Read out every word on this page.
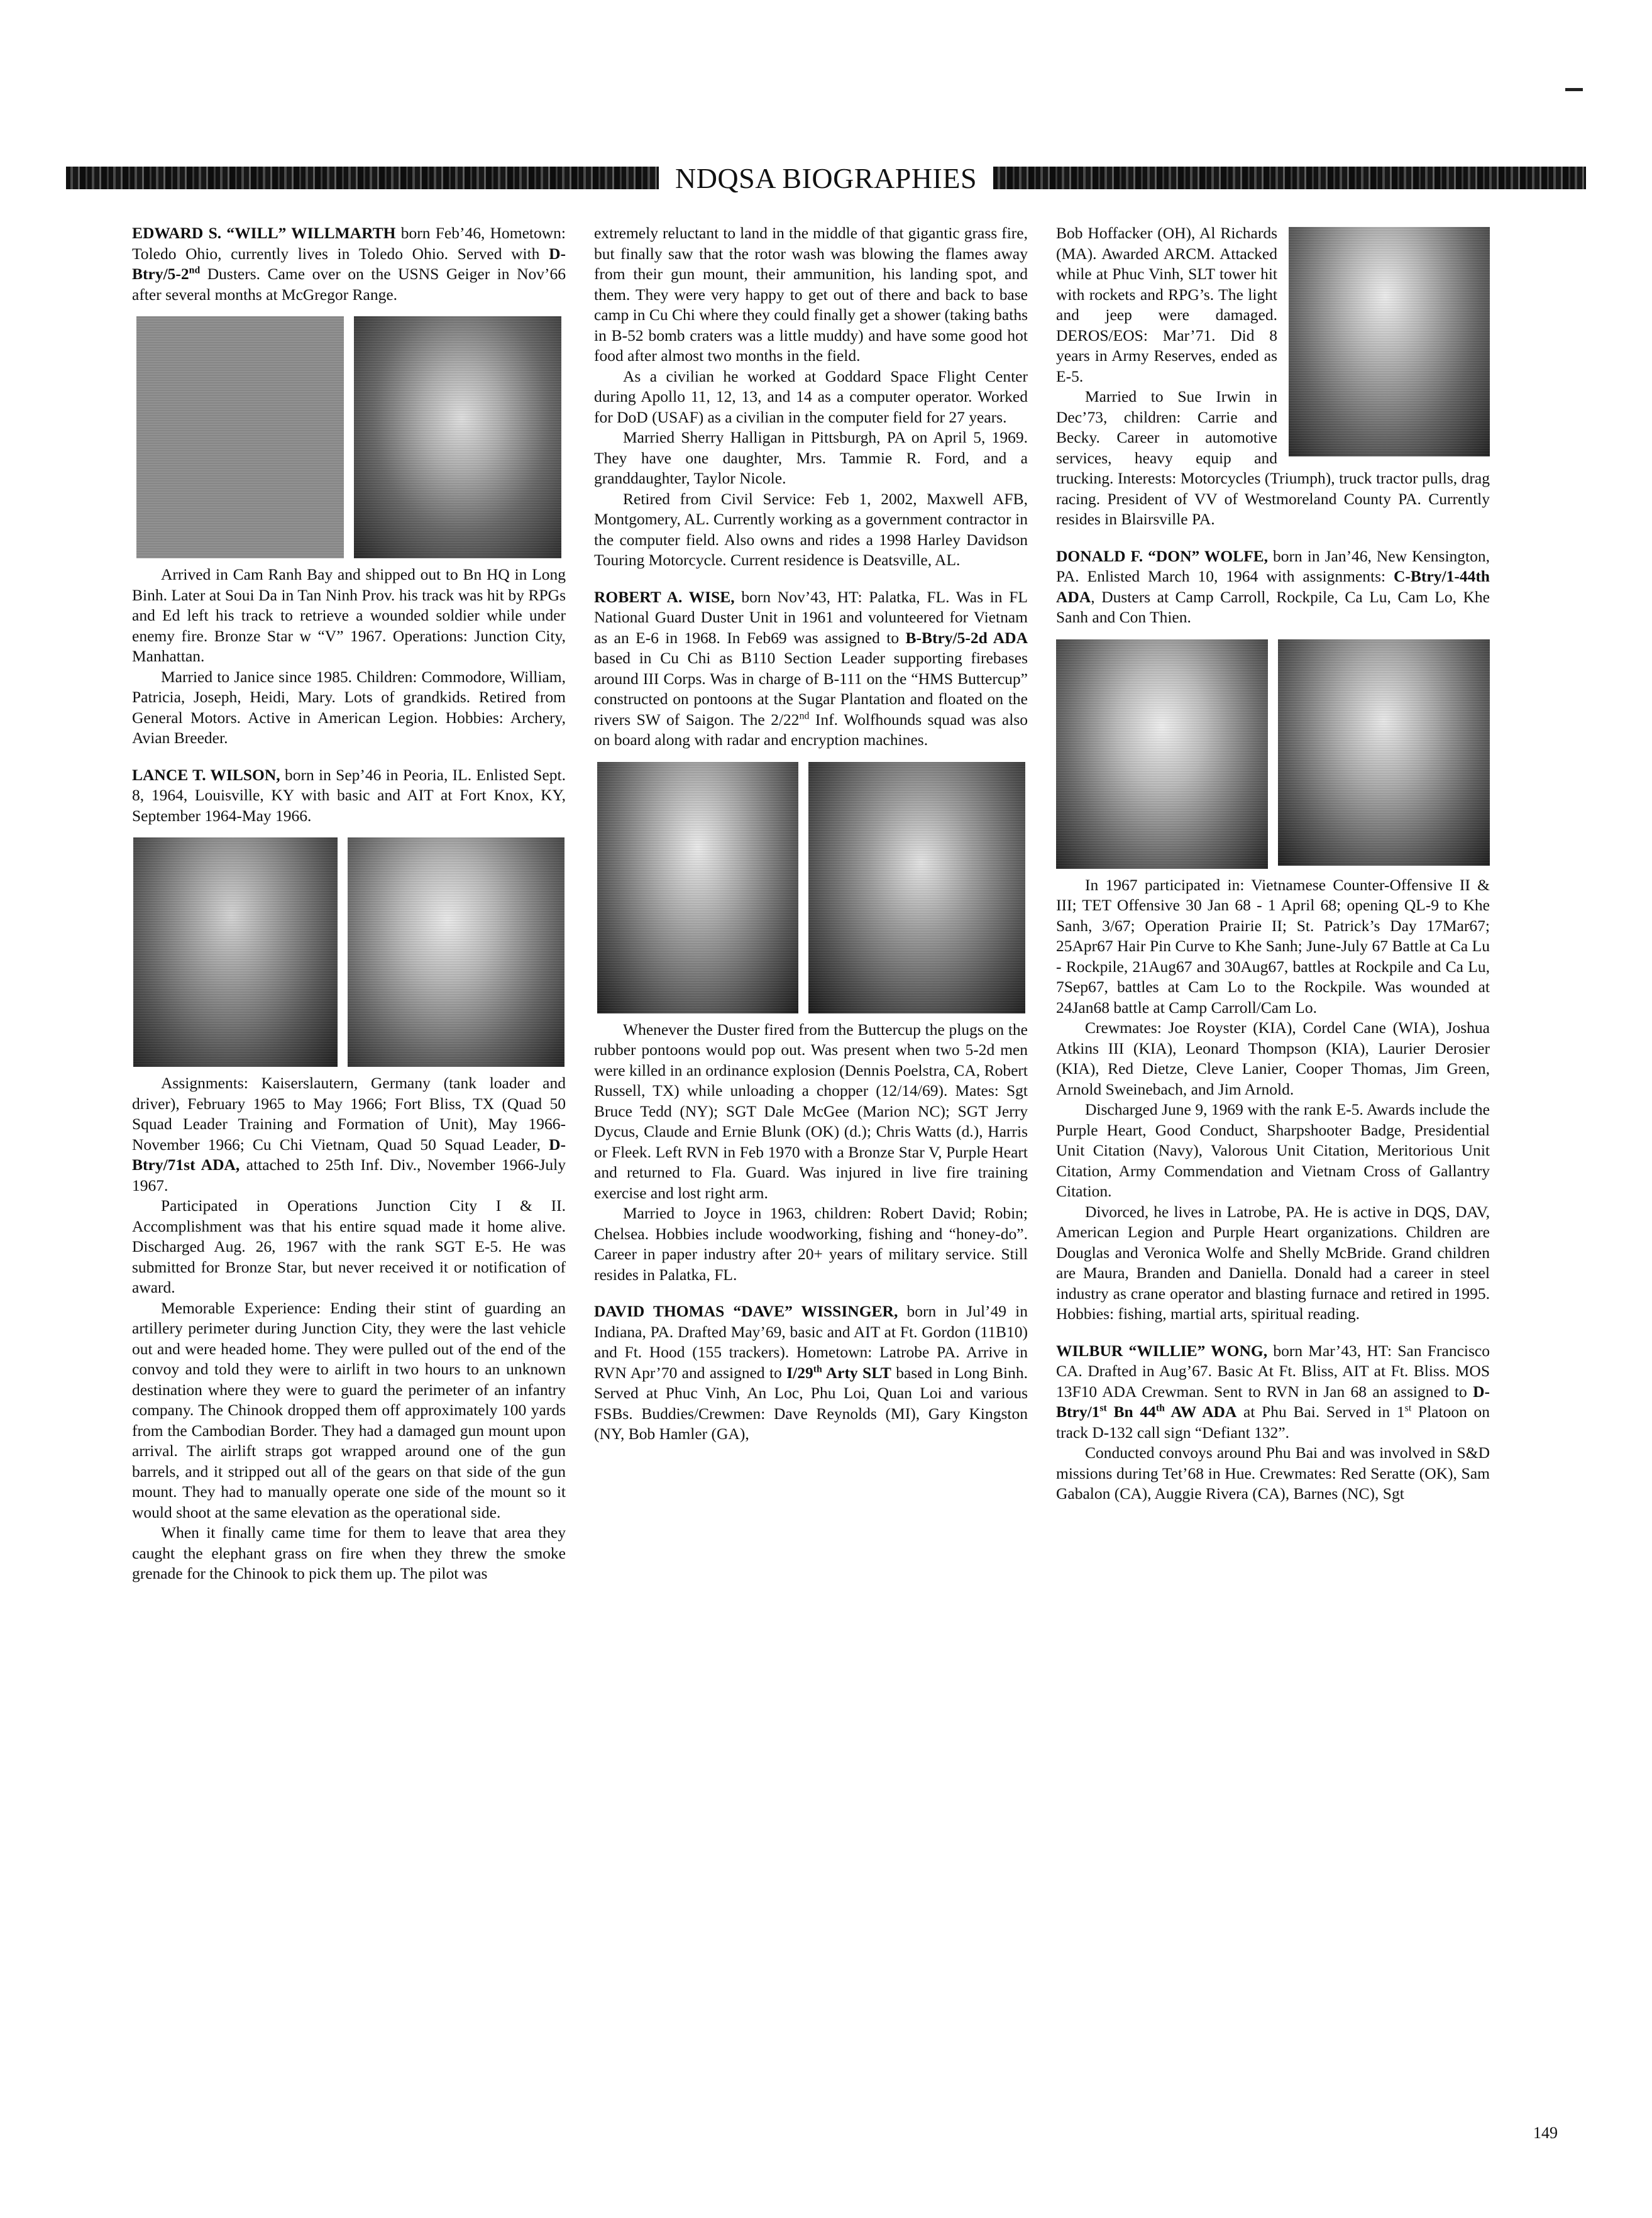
NDQSA BIOGRAPHIES

EDWARD S. “WILL” WILLMARTH born Feb’46, Hometown: Toledo Ohio, currently lives in Toledo Ohio. Served with D-Btry/5-2nd Dusters. Came over on the USNS Geiger in Nov’66 after several months at McGregor Range.

Arrived in Cam Ranh Bay and shipped out to Bn HQ in Long Binh. Later at Soui Da in Tan Ninh Prov. his track was hit by RPGs and Ed left his track to retrieve a wounded soldier while under enemy fire. Bronze Star w “V” 1967. Operations: Junction City, Manhattan.

Married to Janice since 1985. Children: Commodore, William, Patricia, Joseph, Heidi, Mary. Lots of grandkids. Retired from General Motors. Active in American Legion. Hobbies: Archery, Avian Breeder.

LANCE T. WILSON, born in Sep’46 in Peoria, IL. Enlisted Sept. 8, 1964, Louisville, KY with basic and AIT at Fort Knox, KY, September 1964-May 1966.

Assignments: Kaiserslautern, Germany (tank loader and driver), February 1965 to May 1966; Fort Bliss, TX (Quad 50 Squad Leader Training and Formation of Unit), May 1966-November 1966; Cu Chi Vietnam, Quad 50 Squad Leader, D-Btry/71st ADA, attached to 25th Inf. Div., November 1966-July 1967.

Participated in Operations Junction City I & II. Accomplishment was that his entire squad made it home alive. Discharged Aug. 26, 1967 with the rank SGT E-5. He was submitted for Bronze Star, but never received it or notification of award.

Memorable Experience: Ending their stint of guarding an artillery perimeter during Junction City, they were the last vehicle out and were headed home. They were pulled out of the end of the convoy and told they were to airlift in two hours to an unknown destination where they were to guard the perimeter of an infantry company. The Chinook dropped them off approximately 100 yards from the Cambodian Border. They had a damaged gun mount upon arrival. The airlift straps got wrapped around one of the gun barrels, and it stripped out all of the gears on that side of the gun mount. They had to manually operate one side of the mount so it would shoot at the same elevation as the operational side.

When it finally came time for them to leave that area they caught the elephant grass on fire when they threw the smoke grenade for the Chinook to pick them up. The pilot was

extremely reluctant to land in the middle of that gigantic grass fire, but finally saw that the rotor wash was blowing the flames away from their gun mount, their ammunition, his landing spot, and them. They were very happy to get out of there and back to base camp in Cu Chi where they could finally get a shower (taking baths in B-52 bomb craters was a little muddy) and have some good hot food after almost two months in the field.

As a civilian he worked at Goddard Space Flight Center during Apollo 11, 12, 13, and 14 as a computer operator. Worked for DoD (USAF) as a civilian in the computer field for 27 years.

Married Sherry Halligan in Pittsburgh, PA on April 5, 1969. They have one daughter, Mrs. Tammie R. Ford, and a granddaughter, Taylor Nicole.

Retired from Civil Service: Feb 1, 2002, Maxwell AFB, Montgomery, AL. Currently working as a government contractor in the computer field. Also owns and rides a 1998 Harley Davidson Touring Motorcycle. Current residence is Deatsville, AL.

ROBERT A. WISE, born Nov’43, HT: Palatka, FL. Was in FL National Guard Duster Unit in 1961 and volunteered for Vietnam as an E-6 in 1968. In Feb69 was assigned to B-Btry/5-2d ADA based in Cu Chi as B110 Section Leader supporting firebases around III Corps. Was in charge of B-111 on the “HMS Buttercup” constructed on pontoons at the Sugar Plantation and floated on the rivers SW of Saigon. The 2/22nd Inf. Wolfhounds squad was also on board along with radar and encryption machines.

Whenever the Duster fired from the Buttercup the plugs on the rubber pontoons would pop out. Was present when two 5-2d men were killed in an ordinance explosion (Dennis Poelstra, CA, Robert Russell, TX) while unloading a chopper (12/14/69). Mates: Sgt Bruce Tedd (NY); SGT Dale McGee (Marion NC); SGT Jerry Dycus, Claude and Ernie Blunk (OK) (d.); Chris Watts (d.), Harris or Fleek. Left RVN in Feb 1970 with a Bronze Star V, Purple Heart and returned to Fla. Guard. Was injured in live fire training exercise and lost right arm.

Married to Joyce in 1963, children: Robert David; Robin; Chelsea. Hobbies include woodworking, fishing and “honey-do”. Career in paper industry after 20+ years of military service. Still resides in Palatka, FL.

DAVID THOMAS “DAVE” WISSINGER, born in Jul’49 in Indiana, PA. Drafted May’69, basic and AIT at Ft. Gordon (11B10) and Ft. Hood (155 trackers). Hometown: Latrobe PA. Arrive in RVN Apr’70 and assigned to I/29th Arty SLT based in Long Binh. Served at Phuc Vinh, An Loc, Phu Loi, Quan Loi and various FSBs. Buddies/Crewmen: Dave Reynolds (MI), Gary Kingston (NY, Bob Hamler (GA),

Bob Hoffacker (OH), Al Richards (MA). Awarded ARCM. Attacked while at Phuc Vinh, SLT tower hit with rockets and RPG’s. The light and jeep were damaged. DEROS/EOS: Mar’71. Did 8 years in Army Reserves, ended as E-5.

Married to Sue Irwin in Dec’73, children: Carrie and Becky. Career in automotive services, heavy equip and trucking. Interests: Motorcycles (Triumph), truck tractor pulls, drag racing. President of VV of Westmoreland County PA. Currently resides in Blairsville PA.

DONALD F. “DON” WOLFE, born in Jan’46, New Kensington, PA. Enlisted March 10, 1964 with assignments: C-Btry/1-44th ADA, Dusters at Camp Carroll, Rockpile, Ca Lu, Cam Lo, Khe Sanh and Con Thien.

In 1967 participated in: Vietnamese Counter-Offensive II & III; TET Offensive 30 Jan 68 - 1 April 68; opening QL-9 to Khe Sanh, 3/67; Operation Prairie II; St. Patrick’s Day 17Mar67; 25Apr67 Hair Pin Curve to Khe Sanh; June-July 67 Battle at Ca Lu - Rockpile, 21Aug67 and 30Aug67, battles at Rockpile and Ca Lu, 7Sep67, battles at Cam Lo to the Rockpile. Was wounded at 24Jan68 battle at Camp Carroll/Cam Lo.

Crewmates: Joe Royster (KIA), Cordel Cane (WIA), Joshua Atkins III (KIA), Leonard Thompson (KIA), Laurier Derosier (KIA), Red Dietze, Cleve Lanier, Cooper Thomas, Jim Green, Arnold Sweinebach, and Jim Arnold.

Discharged June 9, 1969 with the rank E-5. Awards include the Purple Heart, Good Conduct, Sharpshooter Badge, Presidential Unit Citation (Navy), Valorous Unit Citation, Meritorious Unit Citation, Army Commendation and Vietnam Cross of Gallantry Citation.

Divorced, he lives in Latrobe, PA. He is active in DQS, DAV, American Legion and Purple Heart organizations. Children are Douglas and Veronica Wolfe and Shelly McBride. Grand children are Maura, Branden and Daniella. Donald had a career in steel industry as crane operator and blasting furnace and retired in 1995. Hobbies: fishing, martial arts, spiritual reading.

WILBUR “WILLIE” WONG, born Mar’43, HT: San Francisco CA. Drafted in Aug’67. Basic At Ft. Bliss, AIT at Ft. Bliss. MOS 13F10 ADA Crewman. Sent to RVN in Jan 68 an assigned to D-Btry/1st Bn 44th AW ADA at Phu Bai. Served in 1st Platoon on track D-132 call sign “Defiant 132”.

Conducted convoys around Phu Bai and was involved in S&D missions during Tet’68 in Hue. Crewmates: Red Seratte (OK), Sam Gabalon (CA), Auggie Rivera (CA), Barnes (NC), Sgt

149
